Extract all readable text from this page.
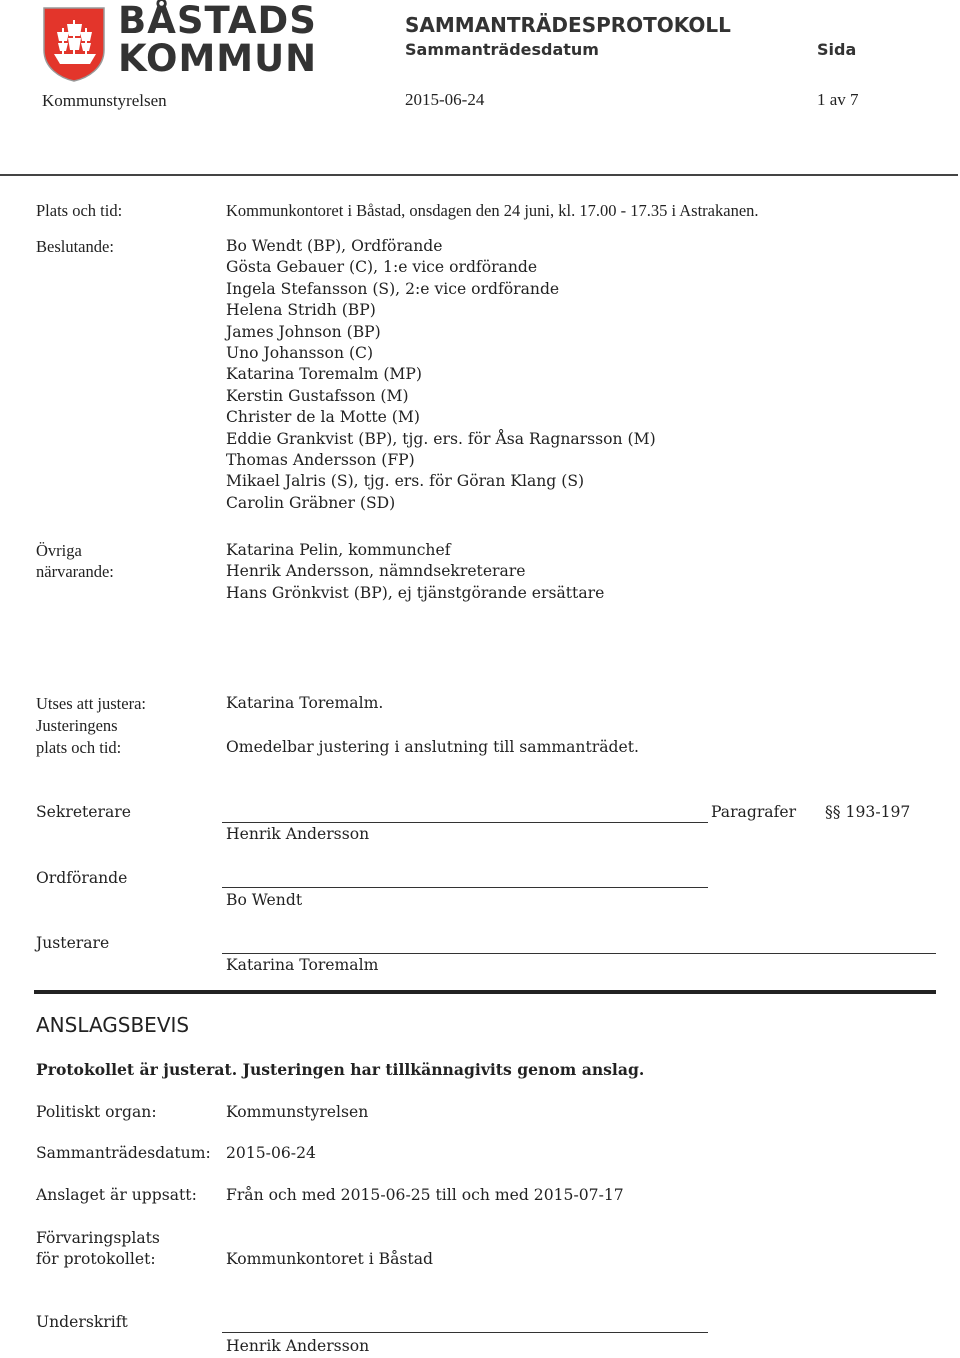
BÅSTADS
KOMMUN
SAMMANTRÄDESPROTOKOLL
Sammanträdesdatum	Sida
Kommunstyrelsen	2015-06-24	1 av 7
Plats och tid:	Kommunkontoret i Båstad, onsdagen den 24 juni, kl. 17.00 - 17.35 i Astrakanen.
Beslutande:	Bo Wendt (BP), Ordförande
Gösta Gebauer (C), 1:e vice ordförande
Ingela Stefansson (S), 2:e vice ordförande
Helena Stridh (BP)
James Johnson (BP)
Uno Johansson (C)
Katarina Toremalm (MP)
Kerstin Gustafsson (M)
Christer de la Motte (M)
Eddie Grankvist (BP), tjg. ers. för Åsa Ragnarsson (M)
Thomas Andersson (FP)
Mikael Jalris (S), tjg. ers. för Göran Klang (S)
Carolin Gräbner (SD)
Övriga
närvarande:
Katarina Pelin, kommunchef
Henrik Andersson, nämndsekreterare
Hans Grönkvist (BP), ej tjänstgörande ersättare
Utses att justera:	Katarina Toremalm.
Justeringens
plats och tid:	Omedelbar justering i anslutning till sammanträdet.
Sekreterare	Paragrafer §§ 193-197
Henrik Andersson
Ordförande
Bo Wendt
Justerare
Katarina Toremalm
ANSLAGSBEVIS
Protokollet är justerat. Justeringen har tillkännagivits genom anslag.
Politiskt organ:	Kommunstyrelsen
Sammanträdesdatum: 2015-06-24
Anslaget är uppsatt: Från och med 2015-06-25 till och med 2015-07-17
Förvaringsplats
för protokollet:	Kommunkontoret i Båstad
Underskrift
Henrik Andersson
